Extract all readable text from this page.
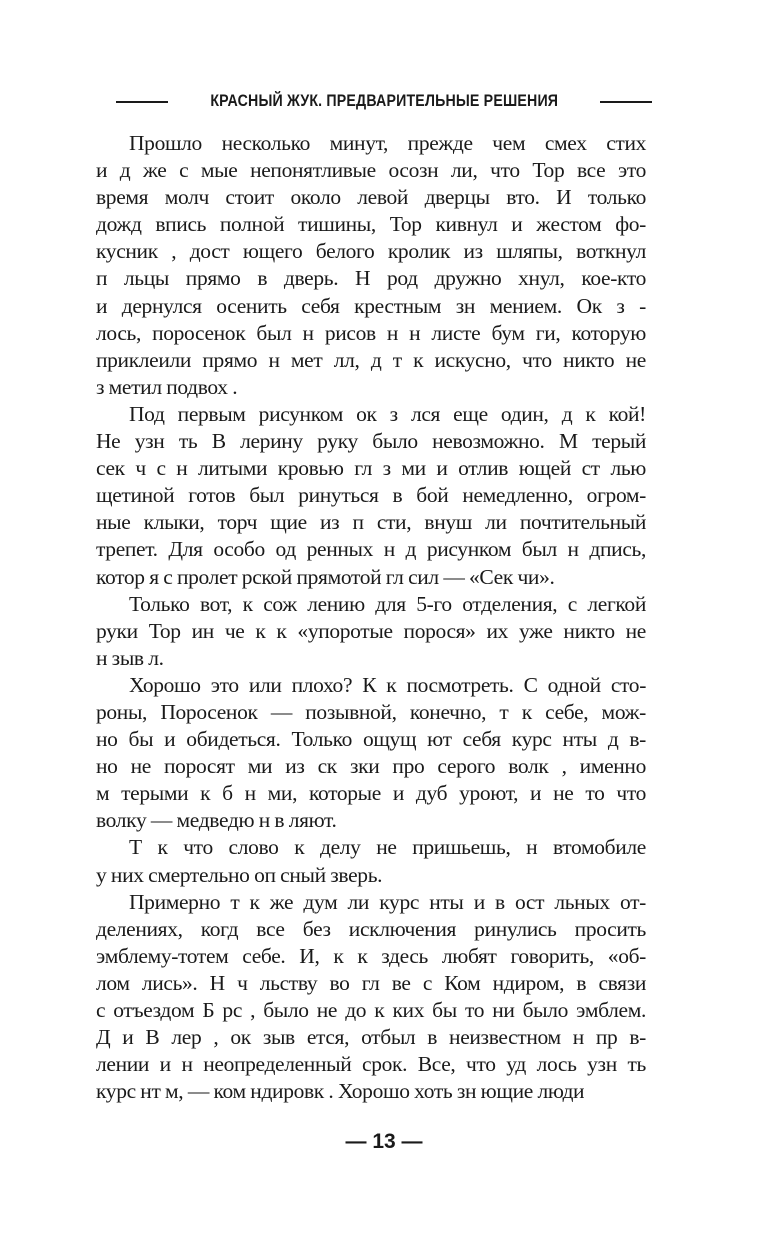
КРАСНЫЙ ЖУК. ПРЕДВАРИТЕЛЬНЫЕ РЕШЕНИЯ
Прошло несколько минут, прежде чем смех стих
и д же с мые непонятливые осозн ли, что Тор все это
время молч стоит около левой дверцы вто. И только
дожд впись полной тишины, Тор кивнул и жестом фо-
кусник , дост ющего белого кролик из шляпы, воткнул
п льцы прямо в дверь. Н род дружно хнул, кое-кто
и дернулся осенить себя крестным зн мением. Ок з -
лось, поросенок был н рисов н н листе бум ги, которую
приклеили прямо н мет лл, д т к искусно, что никто не
з метил подвох .
Под первым рисунком ок з лся еще один, д к кой!
Не узн ть В лерину руку было невозможно. М терый
сек ч с н литыми кровью гл з ми и отлив ющей ст лью
щетиной готов был ринуться в бой немедленно, огром-
ные клыки, торч щие из п сти, внуш ли почтительный
трепет. Для особо од ренных н д рисунком был н дпись,
котор я с пролет рской прямотой гл сил — «Сек чи».
Только вот, к сож лению для 5-го отделения, с легкой
руки Тор ин че к к «упоротые порося» их уже никто не
н зыв л.
Хорошо это или плохо? К к посмотреть. С одной сто-
роны, Поросенок — позывной, конечно, т к себе, мож-
но бы и обидеться. Только ощущ ют себя курс нты д в-
но не поросят ми из ск зки про серого волк , именно
м терыми к б н ми, которые и дуб уроют, и не то что
волку — медведю н в ляют.
Т к что слово к делу не пришьешь, н втомобиле
у них смертельно оп сный зверь.
Примерно т к же дум ли курс нты и в ост льных от-
делениях, когд все без исключения ринулись просить
эмблему-тотем себе. И, к к здесь любят говорить, «об-
лом лись». Н ч льству во гл ве с Ком ндиром, в связи
с отъездом Б рс , было не до к ких бы то ни было эмблем.
Д и В лер , ок зыв ется, отбыл в неизвестном н пр в-
лении и н неопределенный срок. Все, что уд лось узн ть
курс нт м, — ком ндировк . Хорошо хоть зн ющие люди
— 13 —
